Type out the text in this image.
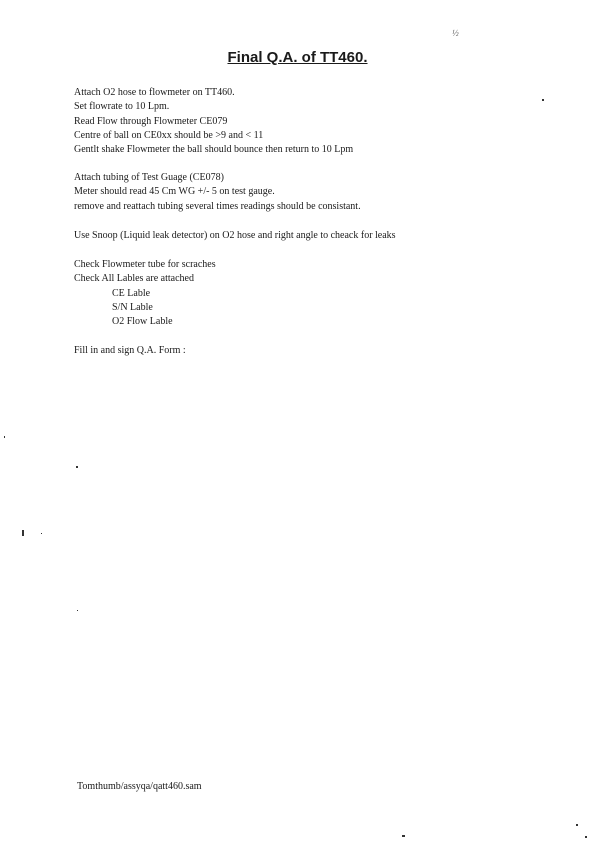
Final Q.A. of TT460.
½
Attach O2 hose to flowmeter on TT460.
Set flowrate to 10 Lpm.
Read Flow through Flowmeter CE079
Centre of ball on CE0xx should be >9 and < 11
Gentlt shake Flowmeter the ball should bounce then return to 10 Lpm
Attach tubing of Test Guage (CE078)
Meter should read 45 Cm WG +/- 5 on test gauge.
remove and reattach tubing several times readings should be consistant.
Use Snoop (Liquid leak detector) on O2 hose and right angle to cheack for leaks
Check Flowmeter tube for scraches
Check All Lables are attached
CE Lable
S/N Lable
O2 Flow Lable
Fill in and sign Q.A. Form :
Tomthumb/assyqa/qatt460.sam
